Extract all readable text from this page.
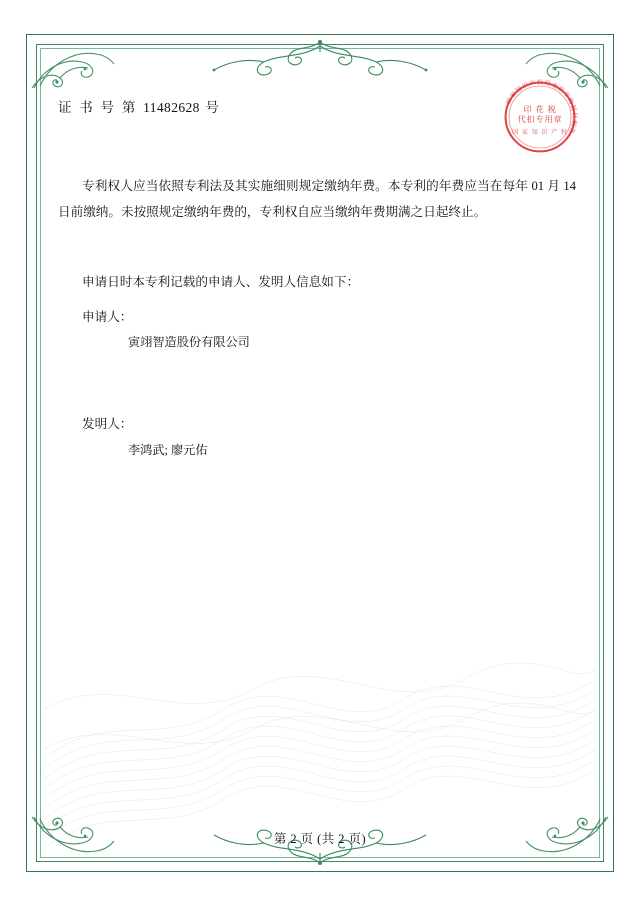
国家知识产权局北京市海淀区税务
印 花 税
代扣专用章
国 家 知 识 产 权
证 书 号 第 11482628 号

专利权人应当依照专利法及其实施细则规定缴纳年费。本专利的年费应当在每年 01 月 14 日前缴纳。未按照规定缴纳年费的，专利权自应当缴纳年费期满之日起终止。

申请日时本专利记载的申请人、发明人信息如下：

申请人：

寅翊智造股份有限公司

发明人：

李鸿武; 廖元佑

第 2 页 (共 2 页)
